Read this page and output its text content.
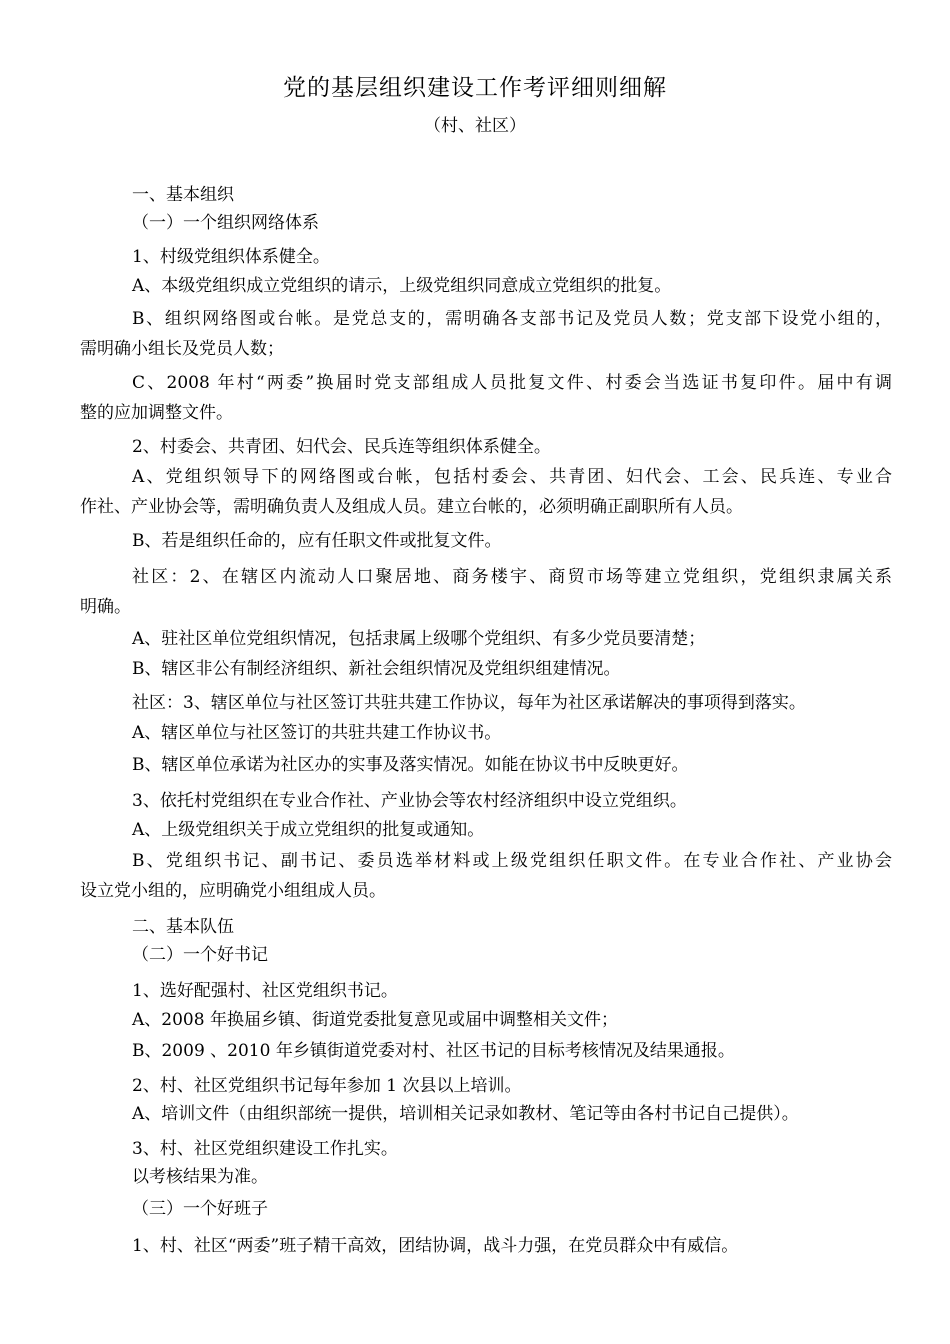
党的基层组织建设工作考评细则细解
（村、社区）
一、基本组织
（一）一个组织网络体系
1、村级党组织体系健全。
A、本级党组织成立党组织的请示，上级党组织同意成立党组织的批复。
B、组织网络图或台帐。是党总支的，需明确各支部书记及党员人数；党支部下设党小组的，
需明确小组长及党员人数；
C、2008 年村“两委”换届时党支部组成人员批复文件、村委会当选证书复印件。届中有调
整的应加调整文件。
2、村委会、共青团、妇代会、民兵连等组织体系健全。
A、党组织领导下的网络图或台帐，包括村委会、共青团、妇代会、工会、民兵连、专业合
作社、产业协会等，需明确负责人及组成人员。建立台帐的，必须明确正副职所有人员。
B、若是组织任命的，应有任职文件或批复文件。
社区：2、在辖区内流动人口聚居地、商务楼宇、商贸市场等建立党组织，党组织隶属关系
明确。
A、驻社区单位党组织情况，包括隶属上级哪个党组织、有多少党员要清楚；
B、辖区非公有制经济组织、新社会组织情况及党组织组建情况。
社区：3、辖区单位与社区签订共驻共建工作协议，每年为社区承诺解决的事项得到落实。
A、辖区单位与社区签订的共驻共建工作协议书。
B、辖区单位承诺为社区办的实事及落实情况。如能在协议书中反映更好。
3、依托村党组织在专业合作社、产业协会等农村经济组织中设立党组织。
A、上级党组织关于成立党组织的批复或通知。
B、党组织书记、副书记、委员选举材料或上级党组织任职文件。在专业合作社、产业协会
设立党小组的，应明确党小组组成人员。
二、基本队伍
（二）一个好书记
1、选好配强村、社区党组织书记。
A、2008 年换届乡镇、街道党委批复意见或届中调整相关文件；
B、2009 、2010 年乡镇街道党委对村、社区书记的目标考核情况及结果通报。
2、村、社区党组织书记每年参加 1 次县以上培训。
A、培训文件（由组织部统一提供，培训相关记录如教材、笔记等由各村书记自己提供）。
3、村、社区党组织建设工作扎实。
以考核结果为准。
（三）一个好班子
1、村、社区“两委”班子精干高效，团结协调，战斗力强，在党员群众中有威信。
